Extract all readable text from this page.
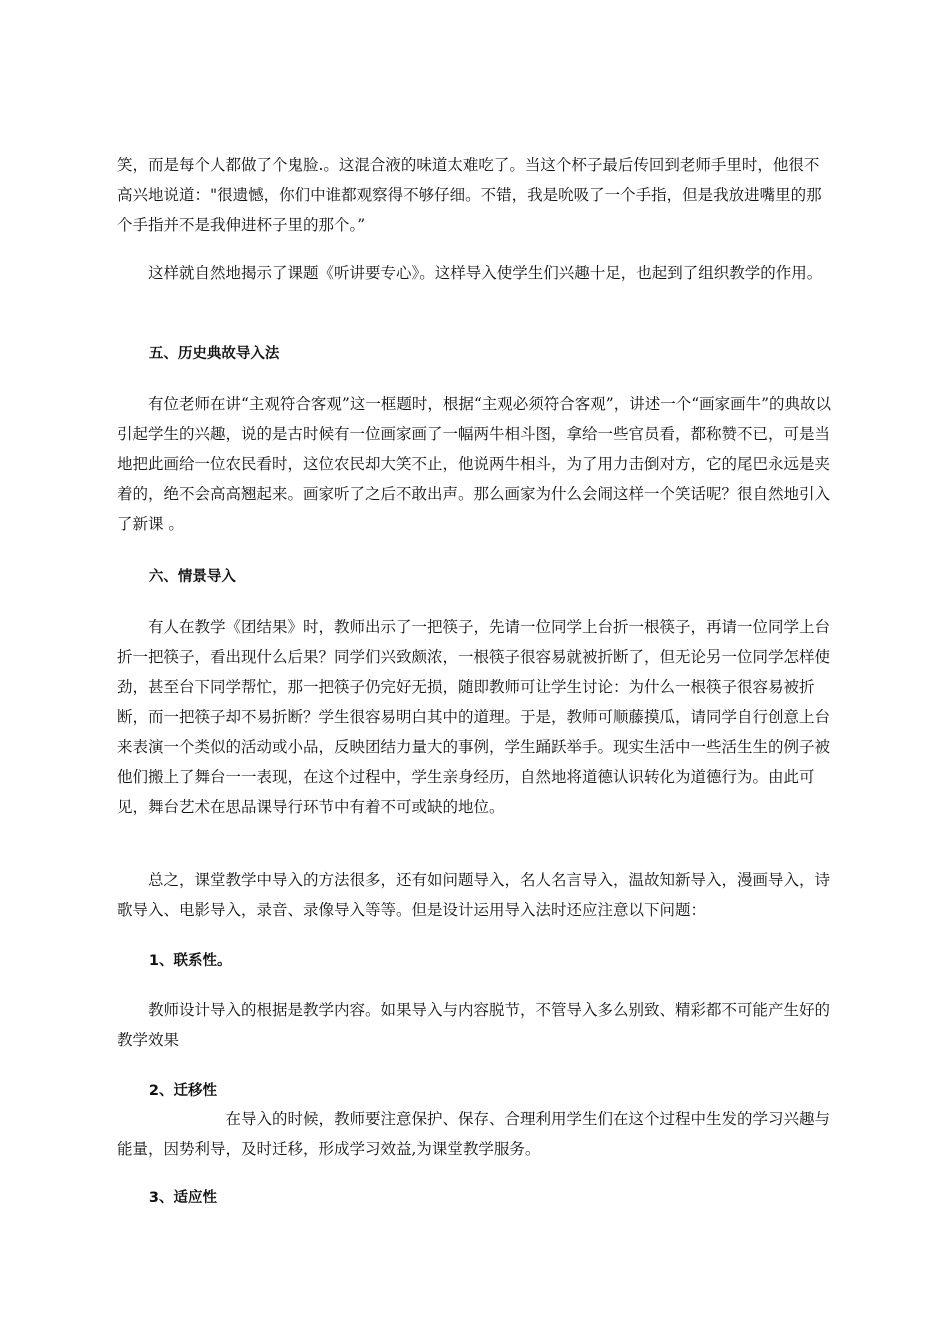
笑，而是每个人都做了个鬼脸.。这混合液的味道太难吃了。当这个杯子最后传回到老师手里时，他很不高兴地说道："很遗憾，你们中谁都观察得不够仔细。不错，我是吮吸了一个手指，但是我放进嘴里的那个手指并不是我伸进杯子里的那个。”

这样就自然地揭示了课题《听讲要专心》。这样导入使学生们兴趣十足，也起到了组织教学的作用。

五、历史典故导入法

有位老师在讲“主观符合客观”这一框题时，根据“主观必须符合客观”，讲述一个“画家画牛”的典故以引起学生的兴趣，说的是古时候有一位画家画了一幅两牛相斗图，拿给一些官员看，都称赞不已，可是当地把此画给一位农民看时，这位农民却大笑不止，他说两牛相斗，为了用力击倒对方，它的尾巴永远是夹着的，绝不会高高翘起来。画家听了之后不敢出声。那么画家为什么会闹这样一个笑话呢？很自然地引入了新课 。

六、情景导入

有人在教学《团结果》时，教师出示了一把筷子，先请一位同学上台折一根筷子，再请一位同学上台折一把筷子，看出现什么后果？同学们兴致颇浓，一根筷子很容易就被折断了，但无论另一位同学怎样使劲，甚至台下同学帮忙，那一把筷子仍完好无损，随即教师可让学生讨论：为什么一根筷子很容易被折断，而一把筷子却不易折断？学生很容易明白其中的道理。于是，教师可顺藤摸瓜，请同学自行创意上台来表演一个类似的活动或小品，反映团结力量大的事例，学生踊跃举手。现实生活中一些活生生的例子被他们搬上了舞台一一表现，在这个过程中，学生亲身经历，自然地将道德认识转化为道德行为。由此可见，舞台艺术在思品课导行环节中有着不可或缺的地位。

总之，课堂教学中导入的方法很多，还有如问题导入，名人名言导入，温故知新导入，漫画导入，诗歌导入、电影导入，录音、录像导入等等。但是设计运用导入法时还应注意以下问题：

1、联系性。

教师设计导入的根据是教学内容。如果导入与内容脱节，不管导入多么别致、精彩都不可能产生好的教学效果

2、迁移性

在导入的时候，教师要注意保护、保存、合理利用学生们在这个过程中生发的学习兴趣与能量，因势利导，及时迁移，形成学习效益,为课堂教学服务。

3、适应性
